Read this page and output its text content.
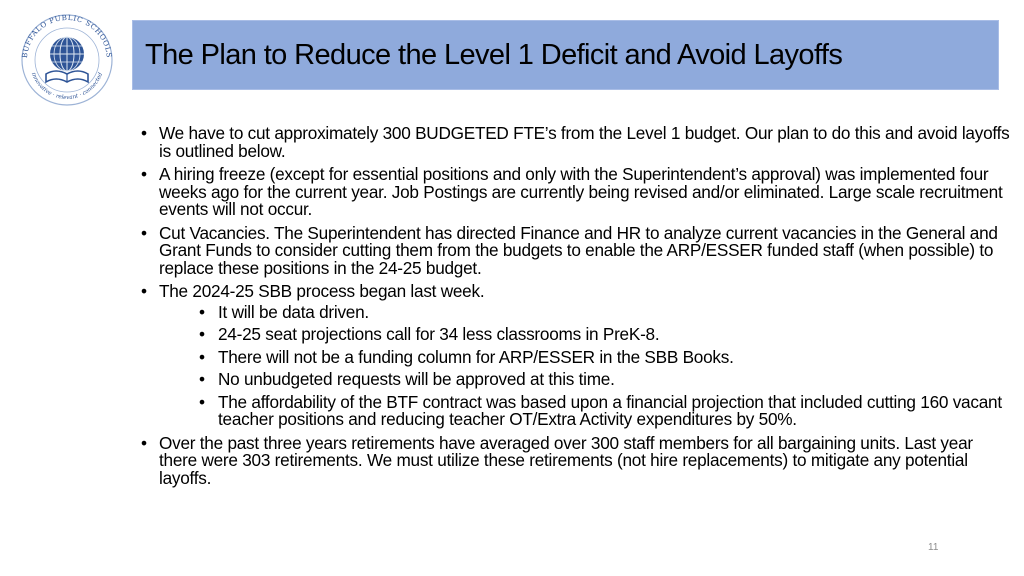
BUFFALO PUBLIC SCHOOLS
innovative · relevant · connected
The Plan to Reduce the Level 1 Deficit and Avoid Layoffs
• We have to cut approximately 300 BUDGETED FTE’s from the Level 1 budget. Our plan to do this and avoid layoffs is outlined below.
• A hiring freeze (except for essential positions and only with the Superintendent’s approval) was implemented four weeks ago for the current year. Job Postings are currently being revised and/or eliminated. Large scale recruitment events will not occur.
• Cut Vacancies. The Superintendent has directed Finance and HR to analyze current vacancies in the General and Grant Funds to consider cutting them from the budgets to enable the ARP/ESSER funded staff (when possible) to replace these positions in the 24-25 budget.
• The 2024-25 SBB process began last week.
• It will be data driven.
• 24-25 seat projections call for 34 less classrooms in PreK-8.
• There will not be a funding column for ARP/ESSER in the SBB Books.
• No unbudgeted requests will be approved at this time.
• The affordability of the BTF contract was based upon a financial projection that included cutting 160 vacant teacher positions and reducing teacher OT/Extra Activity expenditures by 50%.
• Over the past three years retirements have averaged over 300 staff members for all bargaining units. Last year there were 303 retirements. We must utilize these retirements (not hire replacements) to mitigate any potential layoffs.
11
